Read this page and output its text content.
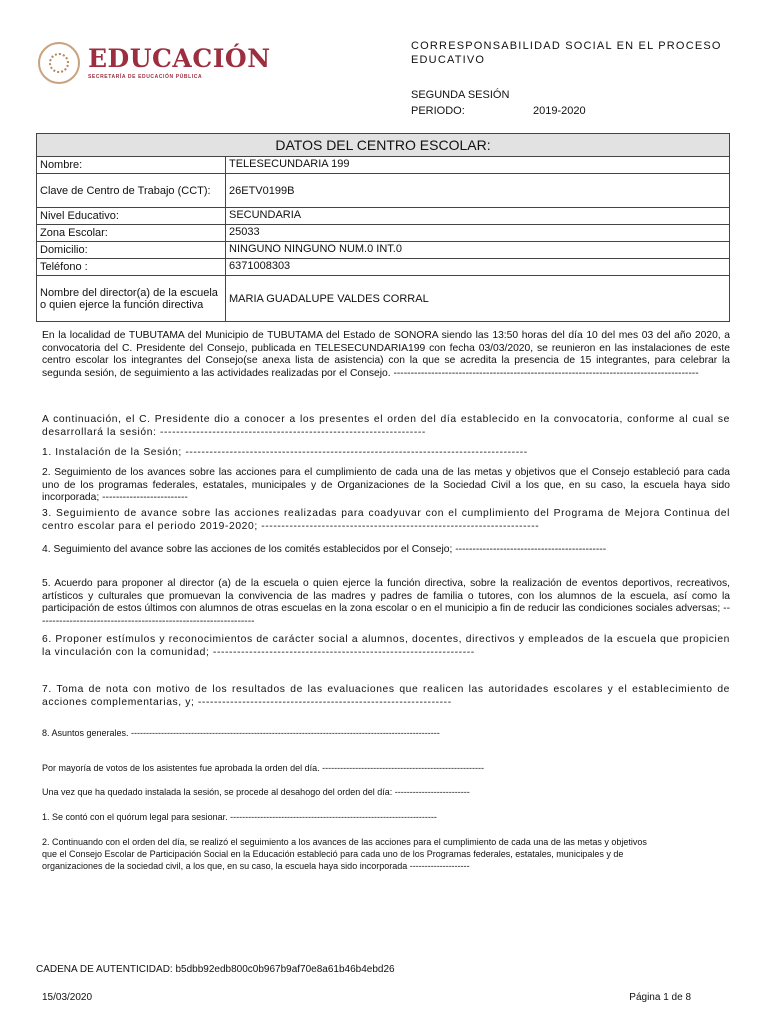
EDUCACIÓN
SECRETARÍA DE EDUCACIÓN PÚBLICA
CORRESPONSABILIDAD SOCIAL EN EL PROCESO
EDUCATIVO
SEGUNDA SESIÓN
PERIODO:	2019-2020
DATOS DEL CENTRO ESCOLAR:	
Nombre:	TELESECUNDARIA 199
Clave de Centro de Trabajo (CCT):	26ETV0199B
Nivel Educativo:	SECUNDARIA
Zona Escolar:	25033
Domicilio:	NINGUNO NINGUNO NUM.0 INT.0
Teléfono :	6371008303
Nombre del director(a) de la escuela o quien ejerce la función directiva	MARIA GUADALUPE VALDES CORRAL
En la localidad de TUBUTAMA del Municipio de TUBUTAMA del Estado de SONORA siendo las 13:50 horas del día 10 del mes 03 del año 2020, a convocatoria del C. Presidente del Consejo, publicada en TELESECUNDARIA199 con fecha 03/03/2020, se reunieron en las instalaciones de este centro escolar los integrantes del Consejo(se anexa lista de asistencia) con la que se acredita la presencia de 15 integrantes, para celebrar la segunda sesión, de seguimiento a las actividades realizadas por el Consejo. -----------------------------------------------------------------------------------------
A continuación, el C. Presidente dio a conocer a los presentes el orden del día establecido en la convocatoria, conforme al cual se desarrollará la sesión: ------------------------------------------------------------------
1. Instalación de la Sesión; -------------------------------------------------------------------------------------
2. Seguimiento de los avances sobre las acciones para el cumplimiento de cada una de las metas y objetivos que el Consejo estableció para cada uno de los programas federales, estatales, municipales y de Organizaciones de la Sociedad Civil a los que, en su caso, la escuela haya sido incorporada; -------------------------
3. Seguimiento de avance sobre las acciones realizadas para coadyuvar con el cumplimiento del Programa de Mejora Continua del centro escolar para el periodo 2019-2020; ---------------------------------------------------------------------
4. Seguimiento del avance sobre las acciones de los comités establecidos por el Consejo; --------------------------------------------
5. Acuerdo para proponer al director (a) de la escuela o quien ejerce la función directiva, sobre la realización de eventos deportivos, recreativos, artísticos y culturales que promuevan la convivencia de las madres y padres de familia o tutores, con los alumnos de la escuela, así como la participación de estos últimos con alumnos de otras escuelas en la zona escolar o en el municipio a fin de reducir las condiciones sociales adversas; ----------------------------------------------------------------
6. Proponer estímulos y reconocimientos de carácter social a alumnos, docentes, directivos y empleados de la escuela que propicien la vinculación con la comunidad; -----------------------------------------------------------------
7. Toma de nota con motivo de los resultados de las evaluaciones que realicen las autoridades escolares y el establecimiento de acciones complementarias, y; ---------------------------------------------------------------
8. Asuntos generales. -------------------------------------------------------------------------------------------------------
Por mayoría de votos de los asistentes fue aprobada la orden del día. ------------------------------------------------------
Una vez que ha quedado instalada la sesión, se procede al desahogo del orden del día: -------------------------
1. Se contó con el quórum legal para sesionar. ---------------------------------------------------------------------
2. Continuando con el orden del día, se realizó el seguimiento a los avances de las acciones para el cumplimiento de cada una de las metas y objetivos que el Consejo Escolar de Participación Social en la Educación estableció para cada uno de los Programas federales, estatales, municipales y de organizaciones de la sociedad civil, a los que, en su caso, la escuela haya sido incorporada --------------------
CADENA DE AUTENTICIDAD: b5dbb92edb800c0b967b9af70e8a61b46b4ebd26
15/03/2020	Página 1 de 8
